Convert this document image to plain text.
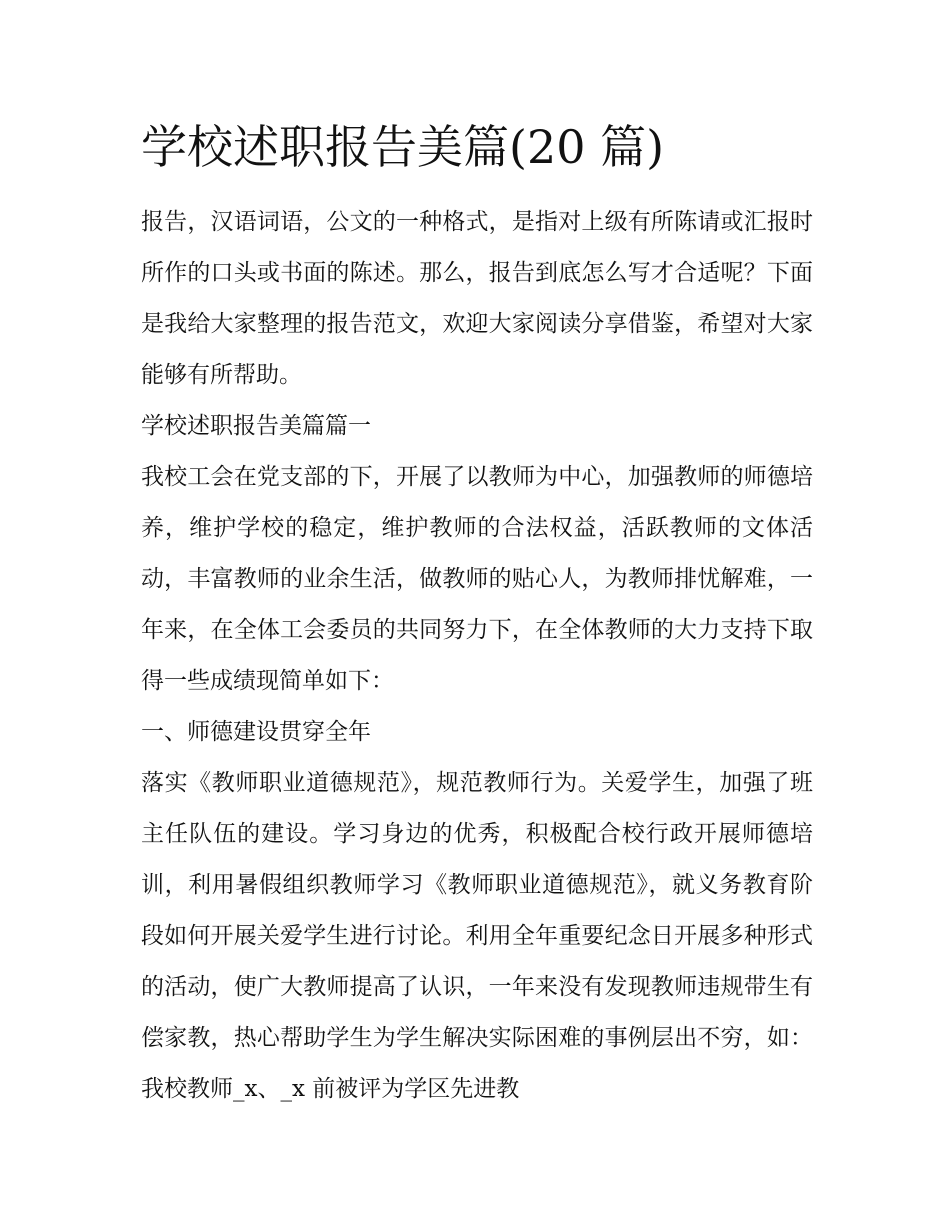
学校述职报告美篇(20 篇)

报告，汉语词语，公文的一种格式，是指对上级有所陈请或汇报时所作的口头或书面的陈述。那么，报告到底怎么写才合适呢？下面是我给大家整理的报告范文，欢迎大家阅读分享借鉴，希望对大家能够有所帮助。

学校述职报告美篇篇一

我校工会在党支部的下，开展了以教师为中心，加强教师的师德培养，维护学校的稳定，维护教师的合法权益，活跃教师的文体活动，丰富教师的业余生活，做教师的贴心人，为教师排忧解难，一年来，在全体工会委员的共同努力下，在全体教师的大力支持下取得一些成绩现简单如下：

一、师德建设贯穿全年

落实《教师职业道德规范》，规范教师行为。关爱学生，加强了班主任队伍的建设。学习身边的优秀，积极配合校行政开展师德培训，利用暑假组织教师学习《教师职业道德规范》，就义务教育阶段如何开展关爱学生进行讨论。利用全年重要纪念日开展多种形式的活动，使广大教师提高了认识，一年来没有发现教师违规带生有偿家教，热心帮助学生为学生解决实际困难的事例层出不穷，如：我校教师_x、_x 前被评为学区先进教
